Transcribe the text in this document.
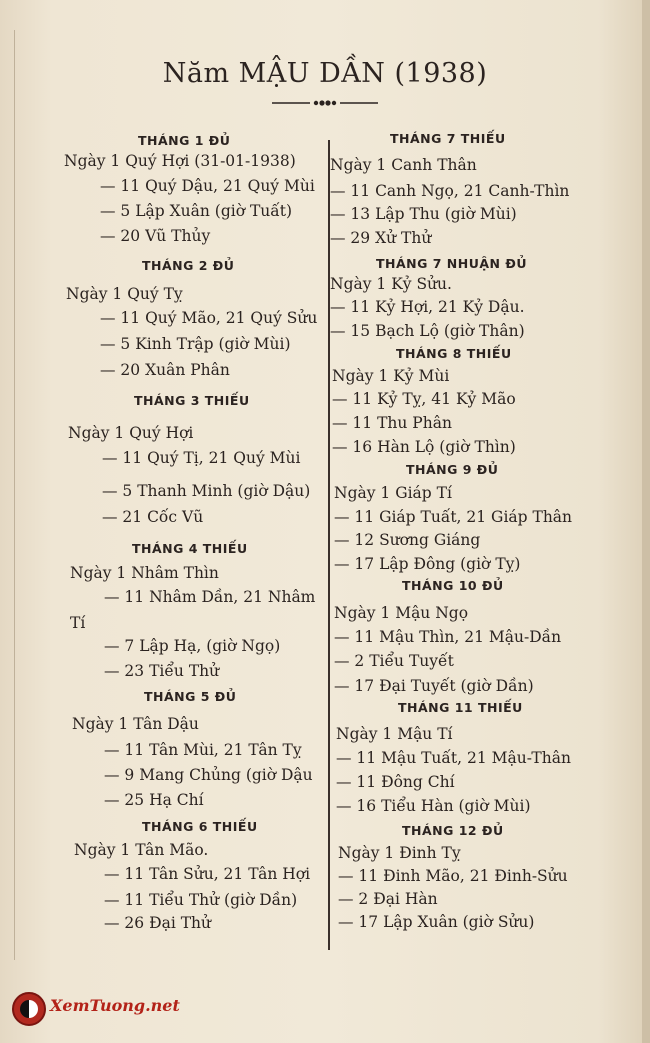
Năm MẬU DẦN (1938)
THÁNG 1 ĐỦ
Ngày 1 Quý Hợi (31-01-1938)
— 11 Quý Dậu, 21 Quý Mùi
— 5 Lập Xuân (giờ Tuất)
— 20 Vũ Thủy
THÁNG 2 ĐỦ
Ngày 1 Quý Tỵ
— 11 Quý Mão, 21 Quý Sửu
— 5 Kinh Trập (giờ Mùi)
— 20 Xuân Phân
THÁNG 3 THIẾU
Ngày 1 Quý Hợi
— 11 Quý Tị, 21 Quý Mùi
— 5 Thanh Minh (giờ Dậu)
— 21 Cốc Vũ
THÁNG 4 THIẾU
Ngày 1 Nhâm Thìn
— 11 Nhâm Dần, 21 Nhâm
Tí
— 7 Lập Hạ, (giờ Ngọ)
— 23 Tiểu Thử
THÁNG 5 ĐỦ
Ngày 1 Tân Dậu
— 11 Tân Mùi, 21 Tân Tỵ
— 9 Mang Chủng (giờ Dậu
— 25 Hạ Chí
THÁNG 6 THIẾU
Ngày 1 Tân Mão.
— 11 Tân Sửu, 21 Tân Hợi
— 11 Tiểu Thử (giờ Dần)
— 26 Đại Thử
THÁNG 7 THIẾU
Ngày 1 Canh Thân
— 11 Canh Ngọ, 21 Canh-Thìn
— 13 Lập Thu (giờ Mùi)
— 29 Xử Thử
THÁNG 7 NHUẬN ĐỦ
Ngày 1 Kỷ Sửu.
— 11 Kỷ Hợi, 21 Kỷ Dậu.
— 15 Bạch Lộ (giờ Thân)
THÁNG 8 THIẾU
Ngày 1 Kỷ Mùi
— 11 Kỷ Tỵ, 41 Kỷ Mão
— 11 Thu Phân
— 16 Hàn Lộ (giờ Thìn)
THÁNG 9 ĐỦ
Ngày 1 Giáp Tí
— 11 Giáp Tuất, 21 Giáp Thân
— 12 Sương Giáng
— 17 Lập Đông (giờ Tỵ)
THÁNG 10 ĐỦ
Ngày 1 Mậu Ngọ
— 11 Mậu Thìn, 21 Mậu-Dần
— 2 Tiểu Tuyết
— 17 Đại Tuyết (giờ Dần)
THÁNG 11 THIẾU
Ngày 1 Mậu Tí
— 11 Mậu Tuất, 21 Mậu-Thân
— 11 Đông Chí
— 16 Tiểu Hàn (giờ Mùi)
THÁNG 12 ĐỦ
Ngày 1 Đinh Tỵ
— 11 Đinh Mão, 21 Đinh-Sửu
— 2 Đại Hàn
— 17 Lập Xuân (giờ Sửu)
XemTuong.net
